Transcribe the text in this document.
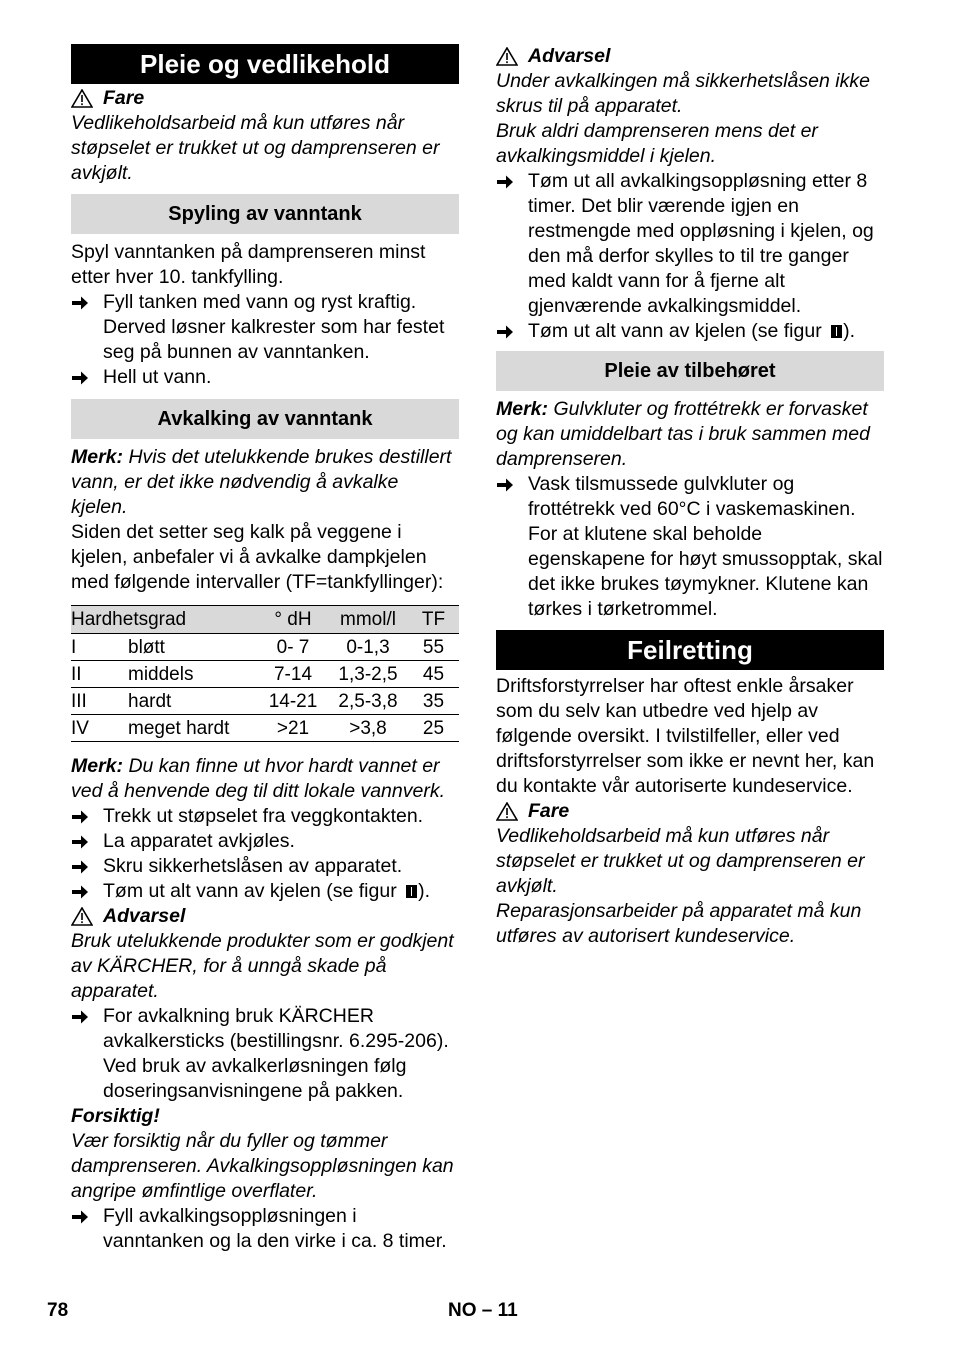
Pleie og vedlikehold
Fare

Vedlikeholdsarbeid må kun utføres når støpselet er trukket ut og damprenseren er avkjølt.

Spyling av vanntank

Spyl vanntanken på damprenseren minst etter hver 10. tankfylling.

Fyll tanken med vann og ryst kraftig. Derved løsner kalkrester som har festet seg på bunnen av vanntanken.
Hell ut vann.
Avkalking av vanntank

Merk: Hvis det utelukkende brukes destillert vann, er det ikke nødvendig å avkalke kjelen.

Siden det setter seg kalk på veggene i kjelen, anbefaler vi å avkalke dampkjelen med følgende intervaller (TF=tankfyllinger):

Hardhetsgrad		° dH	mmol/l	TF
I	bløtt	0- 7	0-1,3	55
II	middels	7-14	1,3-2,5	45
III	hardt	14-21	2,5-3,8	35
IV	meget hardt	>21	>3,8	25

Merk: Du kan finne ut hvor hardt vannet er ved å henvende deg til ditt lokale vannverk.

Trekk ut støpselet fra veggkontakten.
La apparatet avkjøles.
Skru sikkerhetslåsen av apparatet.
Tøm ut alt vann av kjelen (se figur ).
Advarsel

Bruk utelukkende produkter som er godkjent av KÄRCHER, for å unngå skade på apparatet.

For avkalkning bruk KÄRCHER avkalkersticks (bestillingsnr. 6.295-206). Ved bruk av avkalkerløsningen følg doseringsanvisningene på pakken.

Forsiktig!

Vær forsiktig når du fyller og tømmer damprenseren. Avkalkingsoppløsningen kan angripe ømfintlige overflater.

Fyll avkalkingsoppløsningen i vanntanken og la den virke i ca. 8 timer.
Advarsel

Under avkalkingen må sikkerhetslåsen ikke skrus til på apparatet.

Bruk aldri damprenseren mens det er avkalkingsmiddel i kjelen.

Tøm ut all avkalkingsoppløsning etter 8 timer. Det blir værende igjen en restmengde med oppløsning i kjelen, og den må derfor skylles to til tre ganger med kaldt vann for å fjerne alt gjenværende avkalkingsmiddel.
Tøm ut alt vann av kjelen (se figur ).
Pleie av tilbehøret

Merk: Gulvkluter og frottétrekk er forvasket og kan umiddelbart tas i bruk sammen med damprenseren.

Vask tilsmussede gulvkluter og frottétrekk ved 60°C i vaskemaskinen. For at klutene skal beholde egenskapene for høyt smussopptak, skal det ikke brukes tøymykner. Klutene kan tørkes i tørketrommel.
Feilretting

Driftsforstyrrelser har oftest enkle årsaker som du selv kan utbedre ved hjelp av følgende oversikt. I tvilstilfeller, eller ved driftsforstyrrelser som ikke er nevnt her, kan du kontakte vår autoriserte kundeservice.

Fare

Vedlikeholdsarbeid må kun utføres når støpselet er trukket ut og damprenseren er avkjølt.

Reparasjonsarbeider på apparatet må kun utføres av autorisert kundeservice.

78	NO – 11
